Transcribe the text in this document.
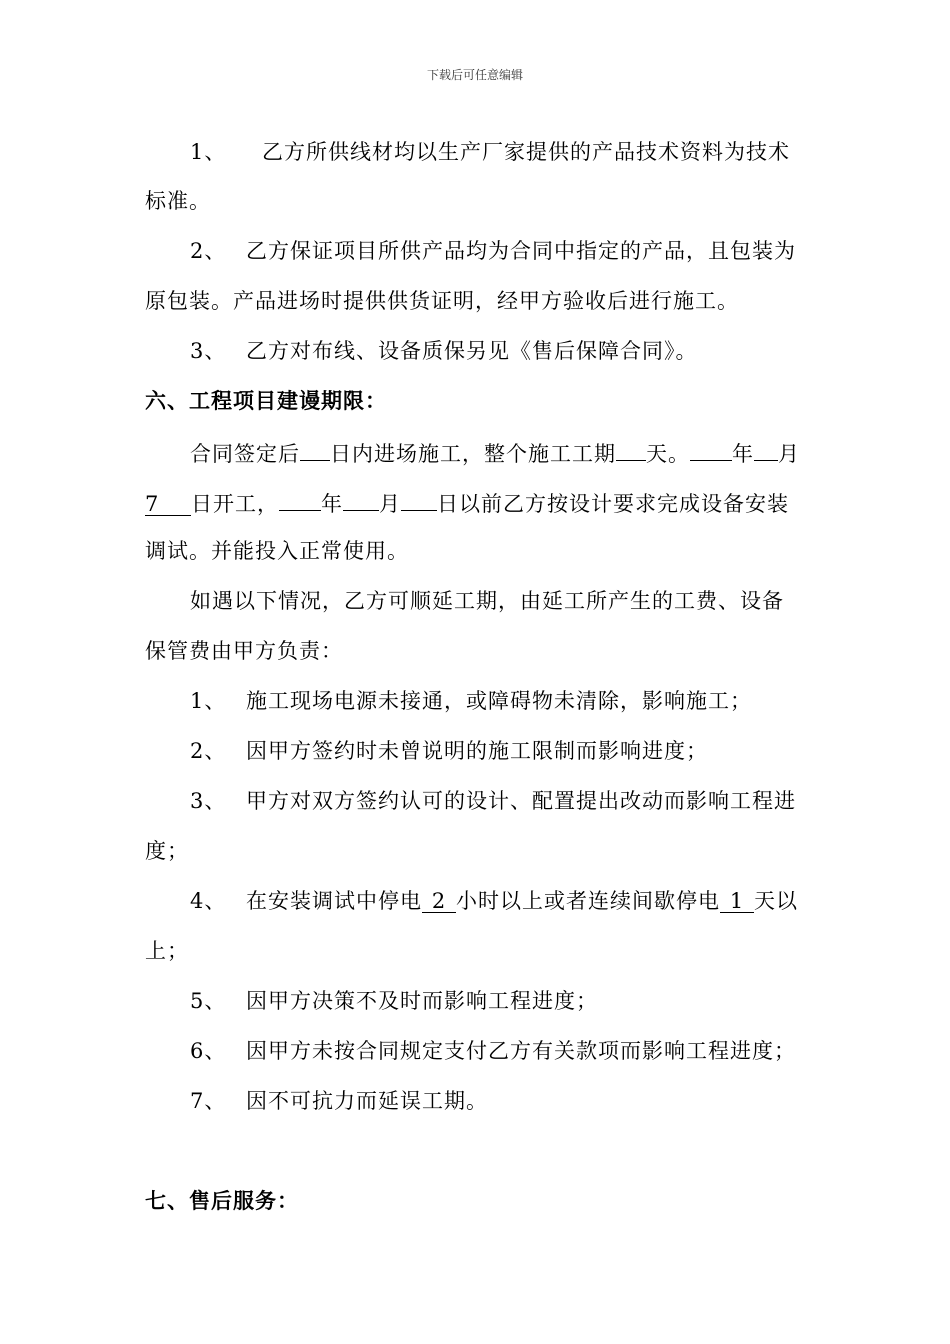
下载后可任意编辑
1、 乙方所供线材均以生产厂家提供的产品技术资料为技术
标准。
2、 乙方保证项目所供产品均为合同中指定的产品，且包装为
原包装。产品进场时提供供货证明，经甲方验收后进行施工。
3、 乙方对布线、设备质保另见《售后保障合同》。
六、工程项目建谩期限：
合同签定后 日内进场施工，整个施工工期 天。 年 月
7 日开工， 年 月 日以前乙方按设计要求完成设备安装
调试。并能投入正常使用。
如遇以下情况，乙方可顺延工期，由延工所产生的工费、设备
保管费由甲方负责：
1、 施工现场电源未接通，或障碍物未清除，影响施工；
2、 因甲方签约时未曾说明的施工限制而影响进度；
3、 甲方对双方签约认可的设计、配置提出改动而影响工程进
度；
4、 在安装调试中停电 2 小时以上或者连续间歇停电 1 天以
上；
5、 因甲方决策不及时而影响工程进度；
6、 因甲方未按合同规定支付乙方有关款项而影响工程进度；
7、 因不可抗力而延误工期。
七、售后服务：
